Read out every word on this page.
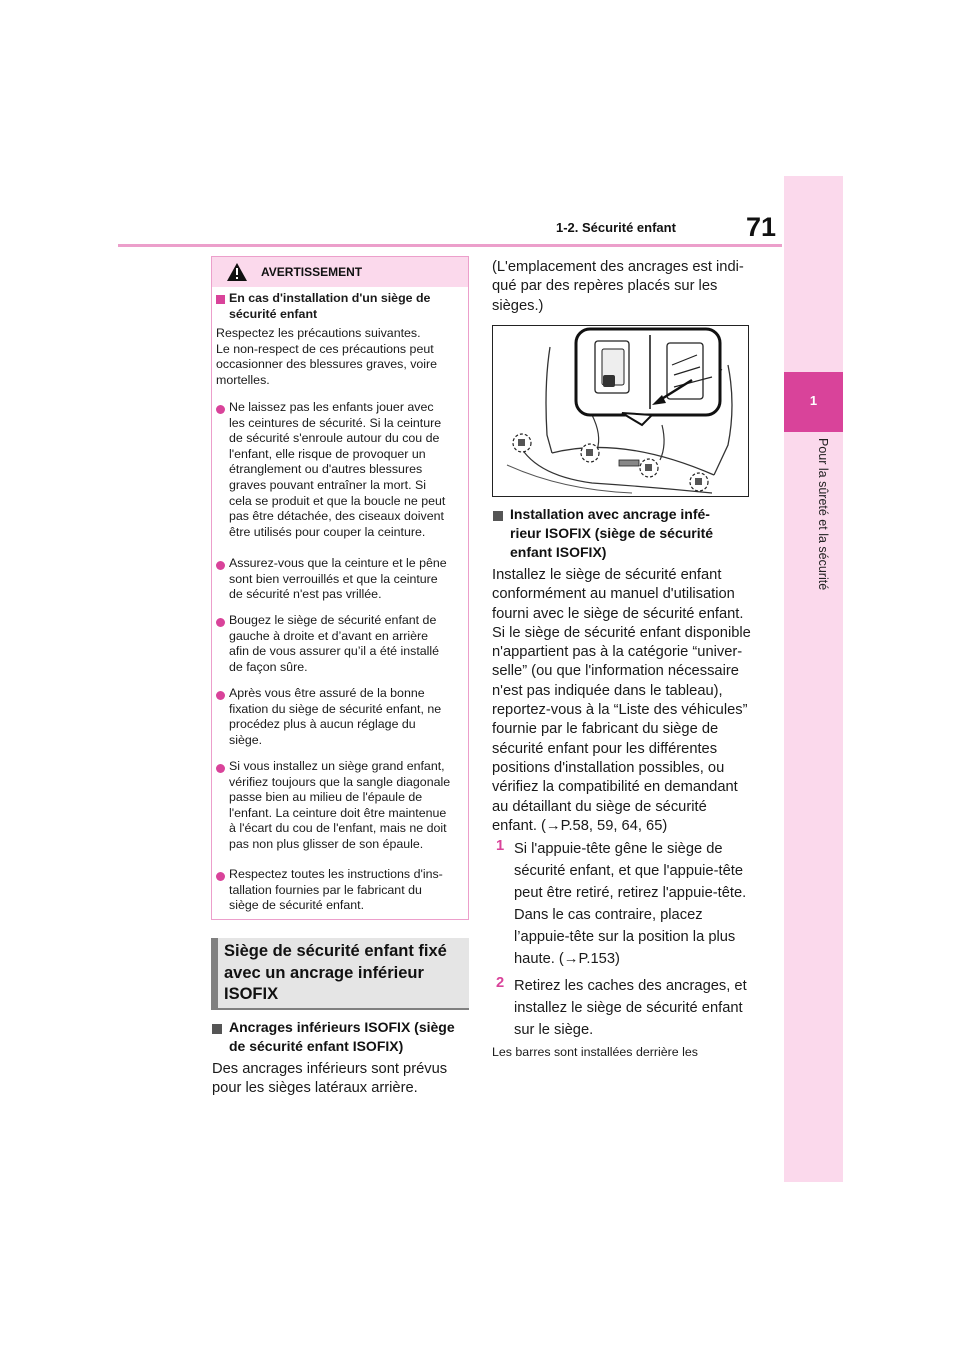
1-2. Sécurité enfant	71
1
Pour la sûreté et la sécurité
AVERTISSEMENT
En cas d'installation d'un siège de
sécurité enfant
Respectez les précautions suivantes.
Le non-respect de ces précautions peut
occasionner des blessures graves, voire
mortelles.
Ne laissez pas les enfants jouer avec
les ceintures de sécurité. Si la ceinture
de sécurité s'enroule autour du cou de
l'enfant, elle risque de provoquer un
étranglement ou d'autres blessures
graves pouvant entraîner la mort. Si
cela se produit et que la boucle ne peut
pas être détachée, des ciseaux doivent
être utilisés pour couper la ceinture.
Assurez-vous que la ceinture et le pêne
sont bien verrouillés et que la ceinture
de sécurité n'est pas vrillée.
Bougez le siège de sécurité enfant de
gauche à droite et d’avant en arrière
afin de vous assurer qu’il a été installé
de façon sûre.
Après vous être assuré de la bonne
fixation du siège de sécurité enfant, ne
procédez plus à aucun réglage du
siège.
Si vous installez un siège grand enfant,
vérifiez toujours que la sangle diagonale
passe bien au milieu de l'épaule de
l'enfant. La ceinture doit être maintenue
à l'écart du cou de l'enfant, mais ne doit
pas non plus glisser de son épaule.
Respectez toutes les instructions d'ins-
tallation fournies par le fabricant du
siège de sécurité enfant.
Siège de sécurité enfant fixé
avec un ancrage inférieur
ISOFIX
Ancrages inférieurs ISOFIX (siège
de sécurité enfant ISOFIX)
Des ancrages inférieurs sont prévus
pour les sièges latéraux arrière.
(L'emplacement des ancrages est indi-
qué par des repères placés sur les
sièges.)
Installation avec ancrage infé-
rieur ISOFIX (siège de sécurité
enfant ISOFIX)
Installez le siège de sécurité enfant
conformément au manuel d'utilisation
fourni avec le siège de sécurité enfant.
Si le siège de sécurité enfant disponible
n'appartient pas à la catégorie “univer-
selle” (ou que l'information nécessaire
n'est pas indiquée dans le tableau),
reportez-vous à la “Liste des véhicules”
fournie par le fabricant du siège de
sécurité enfant pour les différentes
positions d'installation possibles, ou
vérifiez la compatibilité en demandant
au détaillant du siège de sécurité
enfant. (→P.58, 59, 64, 65)
1 Si l'appuie-tête gêne le siège de
sécurité enfant, et que l'appuie-tête
peut être retiré, retirez l'appuie-tête.
Dans le cas contraire, placez
l’appuie-tête sur la position la plus
haute. (→P.153)
2 Retirez les caches des ancrages, et
installez le siège de sécurité enfant
sur le siège.
Les barres sont installées derrière les
